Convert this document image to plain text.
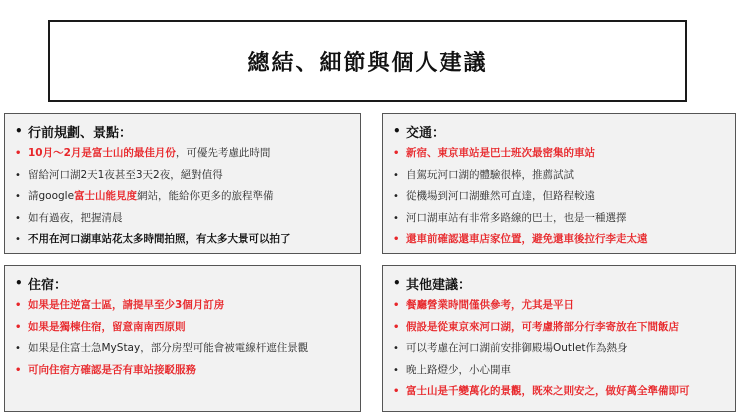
總結、細節與個人建議
• 行前規劃、景點：
• 10月～2月是富士山的最佳月份 ，可優先考慮此時間
• 留給河口湖2天1夜甚至3天2夜，絕對值得
• 請google 富士山能見度 網站，能給你更多的旅程準備
• 如有過夜，把握清晨
• 不用在河口湖車站花太多時間拍照，有太多大景可以拍了
• 交通：
• 新宿、東京車站是巴士班次最密集的車站
• 自駕玩河口湖的體驗很棒，推薦試試
• 從機場到河口湖雖然可直達，但路程較遠
• 河口湖車站有非常多路線的巴士，也是一種選擇
• 還車前確認還車店家位置，避免還車後拉行李走太遠
• 住宿：
• 如果是住逆富士區，請提早至少3個月訂房
• 如果是獨棟住宿，留意南南西原則
• 如果是住富士急MyStay，部分房型可能會被電線杆遮住景觀
• 可向住宿方確認是否有車站接駁服務
• 其他建議：
• 餐廳營業時間僅供參考，尤其是平日
• 假設是從東京來河口湖，可考慮將部分行李寄放在下間飯店
• 可以考慮在河口湖前安排御殿場Outlet作為熱身
• 晚上路燈少，小心開車
• 富士山是千變萬化的景觀，既來之則安之，做好萬全準備即可
